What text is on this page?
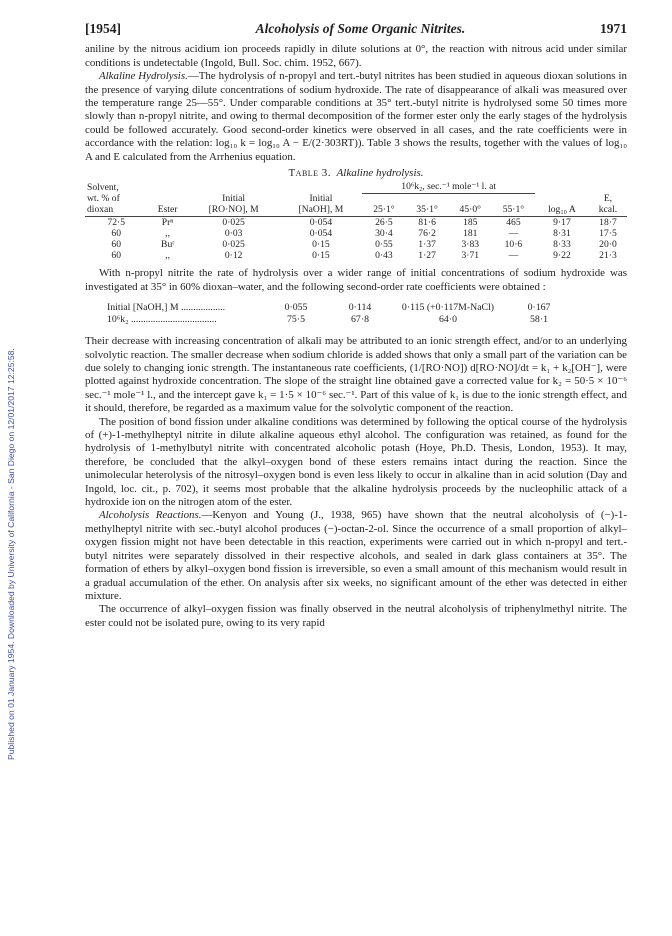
Published on 01 January 1954. Downloaded by University of California - San Diego on 12/01/2017 12:25:58.
[1954]	Alcoholysis of Some Organic Nitrites.	1971

aniline by the nitrous acidium ion proceeds rapidly in dilute solutions at 0°, the reaction with nitrous acid under similar conditions is undetectable (Ingold, Bull. Soc. chim. 1952, 667).

Alkaline Hydrolysis.—The hydrolysis of n-propyl and tert.-butyl nitrites has been studied in aqueous dioxan solutions in the presence of varying dilute concentrations of sodium hydroxide. The rate of disappearance of alkali was measured over the temperature range 25—55°. Under comparable conditions at 35° tert.-butyl nitrite is hydrolysed some 50 times more slowly than n-propyl nitrite, and owing to thermal decomposition of the former ester only the early stages of the hydrolysis could be followed accurately. Good second-order kinetics were observed in all cases, and the rate coefficients were in accordance with the relation: log₁₀ k = log₁₀ A − E/(2·303RT)). Table 3 shows the results, together with the values of log₁₀ A and E calculated from the Arrhenius equation.

Table 3. Alkaline hydrolysis.
Solvent,				10⁶k₂, sec.⁻¹ mole⁻¹ l. at					
wt. % of		Initial	Initial						E,
dioxan	Ester	[RO·NO], M	[NaOH], M	25·1°	35·1°	45·0°	55·1°	log₁₀ A	kcal.
72·5	Prⁿ	0·025	0·054	26·5	81·6	185	465	9·17	18·7
60	,,	0·03	0·054	30·4	76·2	181	—	8·31	17·5
60	Buᵗ	0·025	0·15	0·55	1·37	3·83	10·6	8·33	20·0
60	,,	0·12	0·15	0·43	1·27	3·71	—	9·22	21·3

With n-propyl nitrite the rate of hydrolysis over a wider range of initial concentrations of sodium hydroxide was investigated at 35° in 60% dioxan–water, and the following second-order rate coefficients were obtained :

Initial [NaOH,] M ..................	0·055	0·114	0·115 (+0·117M-NaCl)	0·167
10⁶k₂ ...................................	75·5	67·8	64·0	58·1

Their decrease with increasing concentration of alkali may be attributed to an ionic strength effect, and/or to an underlying solvolytic reaction. The smaller decrease when sodium chloride is added shows that only a small part of the variation can be due solely to changing ionic strength. The instantaneous rate coefficients, (1/[RO·NO]) d[RO·NO]/dt = k₁ + k₂[OH⁻], were plotted against hydroxide concentration. The slope of the straight line obtained gave a corrected value for k₂ = 50·5 × 10⁻⁶ sec.⁻¹ mole⁻¹ l., and the intercept gave k₁ = 1·5 × 10⁻⁶ sec.⁻¹. Part of this value of k₁ is due to the ionic strength effect, and it should, therefore, be regarded as a maximum value for the solvolytic component of the reaction.

The position of bond fission under alkaline conditions was determined by following the optical course of the hydrolysis of (+)-1-methylheptyl nitrite in dilute alkaline aqueous ethyl alcohol. The configuration was retained, as found for the hydrolysis of 1-methylbutyl nitrite with concentrated alcoholic potash (Hoye, Ph.D. Thesis, London, 1953). It may, therefore, be concluded that the alkyl–oxygen bond of these esters remains intact during the reaction. Since the unimolecular heterolysis of the nitrosyl–oxygen bond is even less likely to occur in alkaline than in acid solution (Day and Ingold, loc. cit., p. 702), it seems most probable that the alkaline hydrolysis proceeds by the nucleophilic attack of a hydroxide ion on the nitrogen atom of the ester.

Alcoholysis Reactions.—Kenyon and Young (J., 1938, 965) have shown that the neutral alcoholysis of (−)-1-methylheptyl nitrite with sec.-butyl alcohol produces (−)-octan-2-ol. Since the occurrence of a small proportion of alkyl–oxygen fission might not have been detectable in this reaction, experiments were carried out in which n-propyl and tert.-butyl nitrites were separately dissolved in their respective alcohols, and sealed in dark glass containers at 35°. The formation of ethers by alkyl–oxygen bond fission is irreversible, so even a small amount of this mechanism would result in a gradual accumulation of the ether. On analysis after six weeks, no significant amount of the ether was detected in either mixture.

The occurrence of alkyl–oxygen fission was finally observed in the neutral alcoholysis of triphenylmethyl nitrite. The ester could not be isolated pure, owing to its very rapid
